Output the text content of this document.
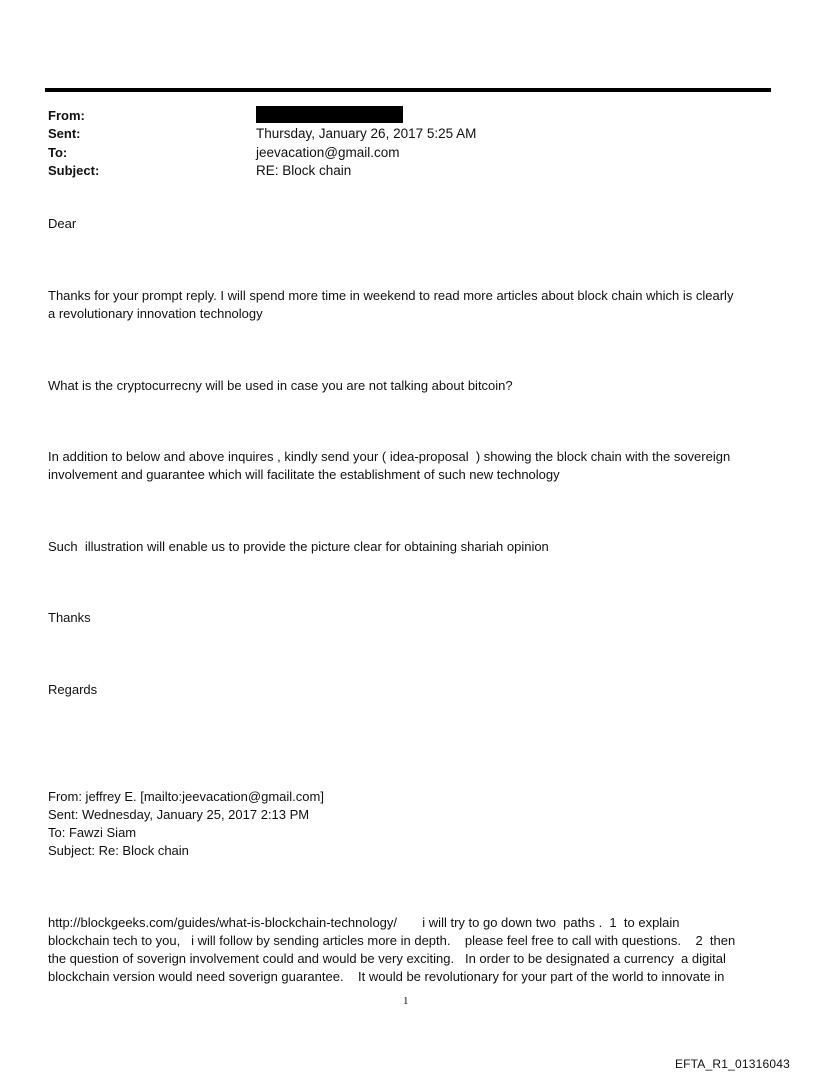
From:
Sent:	Thursday, January 26, 2017 5:25 AM
To:	jeevacation@gmail.com
Subject:	RE: Block chain
Dear
Thanks for your prompt reply. I will spend more time in weekend to read more articles about block chain which is clearly
a revolutionary innovation technology
What is the cryptocurrecny will be used in case you are not talking about bitcoin?
In addition to below and above inquires , kindly send your ( idea-proposal  ) showing the block chain with the sovereign
involvement and guarantee which will facilitate the establishment of such new technology
Such  illustration will enable us to provide the picture clear for obtaining shariah opinion
Thanks
Regards
From: jeffrey E. [mailto:jeevacation@gmail.com]
Sent: Wednesday, January 25, 2017 2:13 PM
To: Fawzi Siam
Subject: Re: Block chain
http://blockgeeks.com/guides/what-is-blockchain-technology/       i will try to go down two  paths .  1  to explain
blockchain tech to you,   i will follow by sending articles more in depth.    please feel free to call with questions.    2  then
the question of soverign involvement could and would be very exciting.   In order to be designated a currency  a digital
blockchain version would need soverign guarantee.    It would be revolutionary for your part of the world to innovate in
1
EFTA_R1_01316043
